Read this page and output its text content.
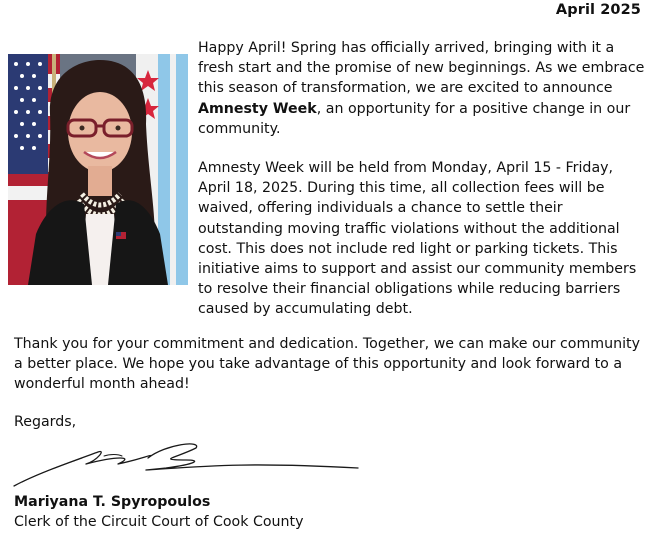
April 2025

Happy April! Spring has officially arrived, bringing with it a fresh start and the promise of new beginnings. As we embrace this season of transformation, we are excited to announce Amnesty Week, an opportunity for a positive change in our community.

Amnesty Week will be held from Monday, April 15 - Friday, April 18, 2025. During this time, all collection fees will be waived, offering individuals a chance to settle their outstanding moving traffic violations without the additional cost. This does not include red light or parking tickets. This initiative aims to support and assist our community members to resolve their financial obligations while reducing barriers caused by accumulating debt.

Thank you for your commitment and dedication. Together, we can make our community a better place. We hope you take advantage of this opportunity and look forward to a wonderful month ahead!

Regards,
Mariyana T. Spyropoulos
Clerk of the Circuit Court of Cook County
